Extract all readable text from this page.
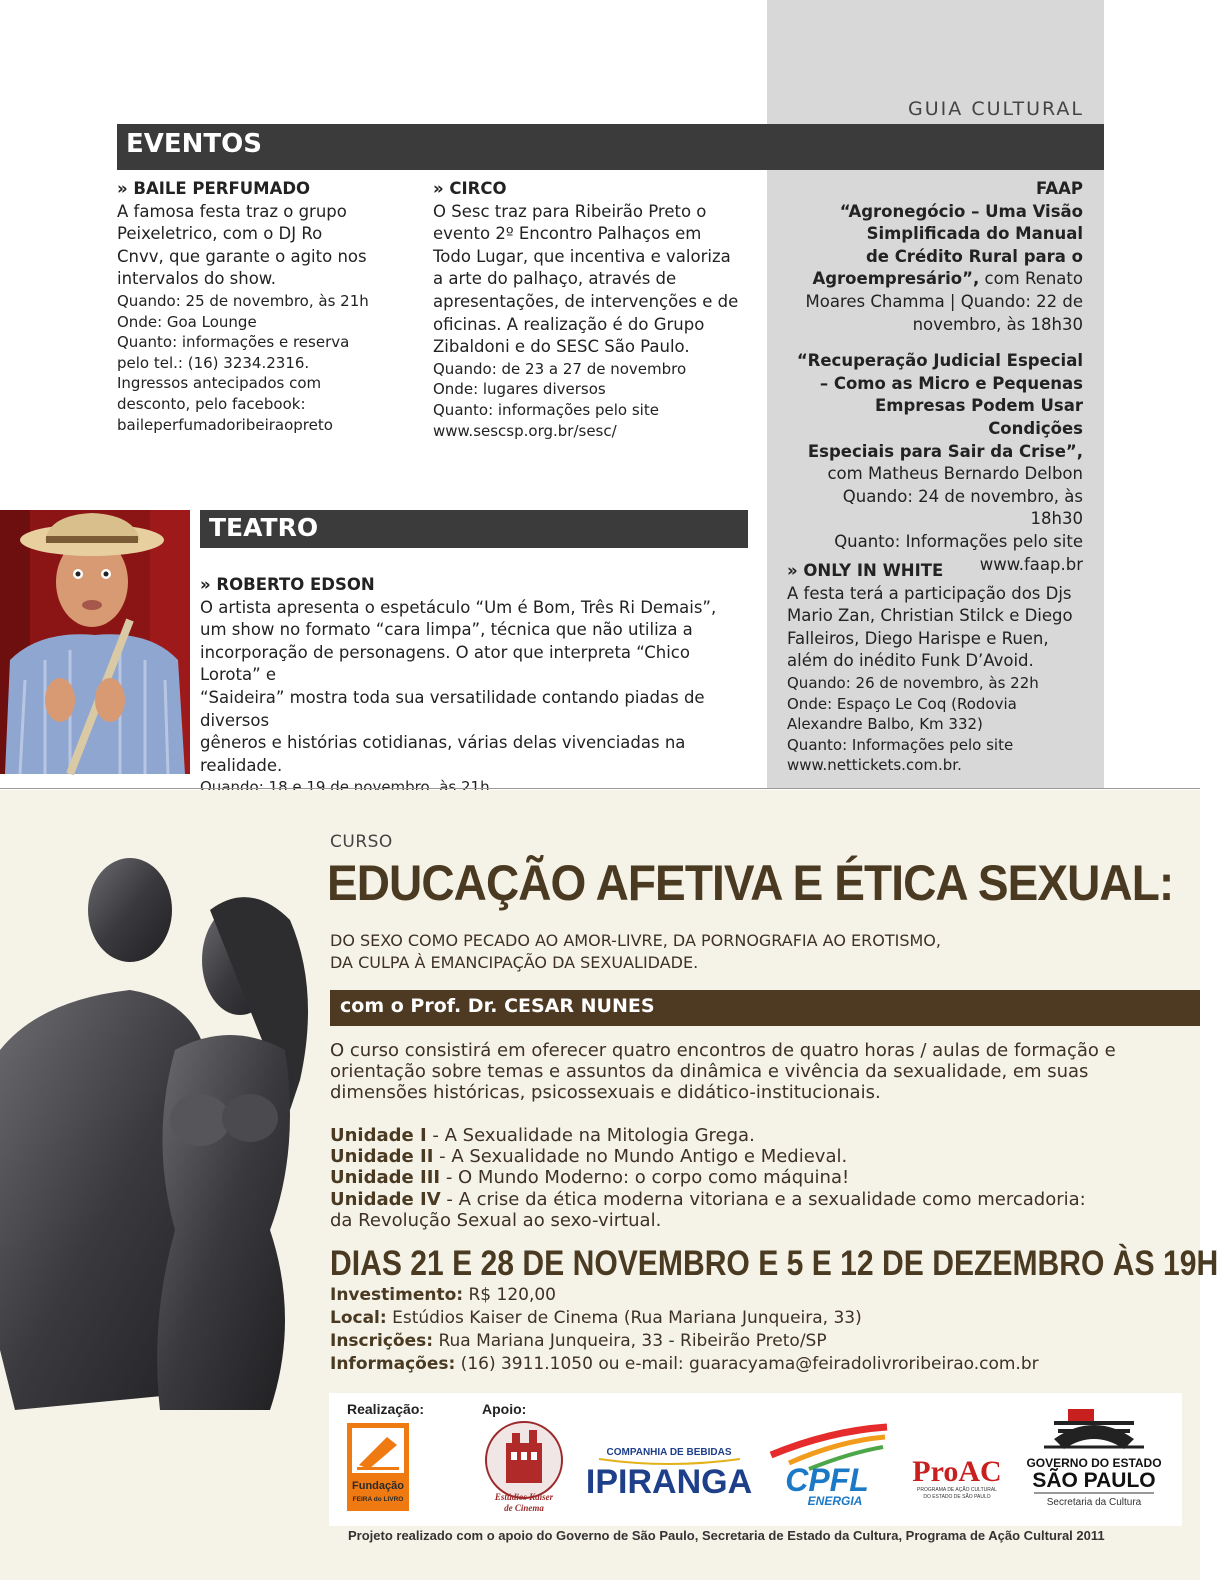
GUIA CULTURAL
EVENTOS
» BAILE PERFUMADO
A famosa festa traz o grupo
Peixeletrico, com o DJ Ro
Cnvv, que garante o agito nos
intervalos do show.
Quando: 25 de novembro, às 21h
Onde: Goa Lounge
Quanto: informações e reserva
pelo tel.: (16) 3234.2316.
Ingressos antecipados com
desconto, pelo facebook:
baileperfumadoribeiraopreto
» CIRCO
O Sesc traz para Ribeirão Preto o
evento 2º Encontro Palhaços em
Todo Lugar, que incentiva e valoriza
a arte do palhaço, através de
apresentações, de intervenções e de
oficinas. A realização é do Grupo
Zibaldoni e do SESC São Paulo.
Quando: de 23 a 27 de novembro
Onde: lugares diversos
Quanto: informações pelo site
www.sescsp.org.br/sesc/
FAAP
“Agronegócio – Uma Visão
Simplificada do Manual
de Crédito Rural para o
Agroempresário”, com Renato
Moares Chamma | Quando: 22 de
novembro, às 18h30
“Recuperação Judicial Especial
– Como as Micro e Pequenas
Empresas Podem Usar Condições
Especiais para Sair da Crise”,
com Matheus Bernardo Delbon
Quando: 24 de novembro, às 18h30
Quanto: Informações pelo site
www.faap.br
» ONLY IN WHITE
A festa terá a participação dos Djs
Mario Zan, Christian Stilck e Diego
Falleiros, Diego Harispe e Ruen,
além do inédito Funk D’Avoid.
Quando: 26 de novembro, às 22h
Onde: Espaço Le Coq (Rodovia
Alexandre Balbo, Km 332)
Quanto: Informações pelo site
www.nettickets.com.br.
TEATRO
» ROBERTO EDSON
O artista apresenta o espetáculo “Um é Bom, Três Ri Demais”,
um show no formato “cara limpa”, técnica que não utiliza a
incorporação de personagens. O ator que interpreta “Chico Lorota” e
“Saideira” mostra toda sua versatilidade contando piadas de diversos
gêneros e histórias cotidianas, várias delas vivenciadas na realidade.
CURSO
EDUCAÇÃO AFETIVA E ÉTICA SEXUAL:
DO SEXO COMO PECADO AO AMOR-LIVRE, DA PORNOGRAFIA AO EROTISMO,
DA CULPA À EMANCIPAÇÃO DA SEXUALIDADE.
com o Prof. Dr. CESAR NUNES
O curso consistirá em oferecer quatro encontros de quatro horas / aulas de formação e orientação sobre temas e assuntos da dinâmica e vivência da sexualidade, em suas dimensões históricas, psicossexuais e didático-institucionais.
Unidade I - A Sexualidade na Mitologia Grega.
Unidade II - A Sexualidade no Mundo Antigo e Medieval.
Unidade III - O Mundo Moderno: o corpo como máquina!
Unidade IV - A crise da ética moderna vitoriana e a sexualidade como mercadoria:
da Revolução Sexual ao sexo-virtual.
DIAS 21 E 28 DE NOVEMBRO E 5 E 12 DE DEZEMBRO ÀS 19H
Investimento: R$ 120,00
Local: Estúdios Kaiser de Cinema (Rua Mariana Junqueira, 33)
Inscrições: Rua Mariana Junqueira, 33 - Ribeirão Preto/SP
Informações: (16) 3911.1050 ou e-mail: guaracyama@feiradolivroribeirao.com.br
Realização:	Apoio:
Fundação
FEIRA do LIVRO	Estúdios Kaiser
de Cinema
COMPANHIA DE BEBIDAS
IPIRANGA CPFL
ENERGIA
ProAC
PROGRAMA DE AÇÃO CULTURAL
DO ESTADO DE SÃO PAULO
GOVERNO DO ESTADO
SÃO PAULO
Secretaria da Cultura
Projeto realizado com o apoio do Governo de São Paulo, Secretaria de Estado da Cultura, Programa de Ação Cultural 2011
